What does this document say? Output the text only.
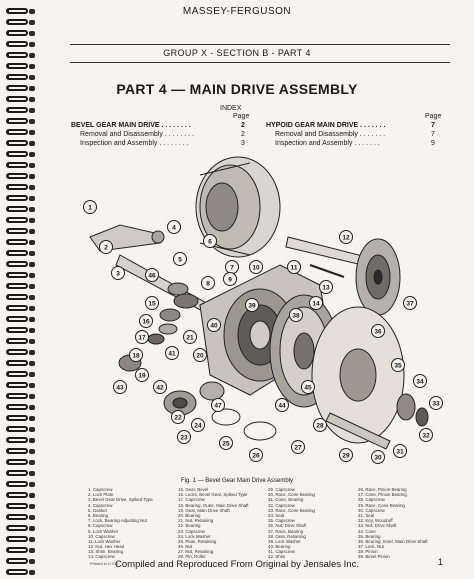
MASSEY-FERGUSON
GROUP X - SECTION B - PART 4
PART 4 — MAIN DRIVE ASSEMBLY
INDEX
Page	Page
BEVEL GEAR MAIN DRIVE . . . . . . . .	2
Removal and Disassembly . . . . . . . .	2
Inspection and Assembly . . . . . . . .	3
HYPOID GEAR MAIN DRIVE . . . . . . .	7
Removal and Disassembly . . . . . . .	7
Inspection and Assembly . . . . . . .	9
1
2
3
4
5
6
7
8
9
10	11
12
13
14
15
16
17
18
19
20
21
22
23
24
25
26
27
28
29	30
31
32
33
34
35
36
37
38
39
40
41
42
43
44
45
46
47
Fig. 1 — Bevel Gear Main Drive Assembly
1. Capscrew
2. Lock Plate
3. Bevel Gear Drive, Spiked Type
4. Capscrew
5. Gasket
6. Bearing
7. Lock, Bearing Adjusting Nut
8. Capscrew
9. Lock Washer
10. Capscrew
11. Lock Washer
12. Nut, Hex Head
13. Shim, Bearing
14. Capscrew
15. Gear, Bevel
16. Locks, Bevel Gear, Spiked Type
17. Capscrew
18. Bearing, Outer, Main Drive Shaft
19. Gear, Main Drive Shaft
20. Bearing
21. Nut, Retaining
22. Bearing
23. Capscrew
24. Lock Washer
25. Plate, Retaining
26. Nut
27. Nut, Retaining
28. Pin, Roller
29. Capscrew
30. Race, Cone Bearing
31. Cone, Bearing
32. Capscrew
33. Race, Cone Bearing
34. Seal
35. Capscrew
36. Nut, Drive Shaft
37. Race, Bearing
38. Gear, Retaining
39. Lock Washer
40. Bearing
41. Capscrew
42. Shim
26. Race, Pinion Bearing
27. Cone, Pinion Bearing
28. Capscrew
29. Race, Cone Bearing
30. Capscrew
31. Seal
32. Key, Woodruff
33. Nut, Drive Shaft
34. Cone
35. Bearing
36. Bearing, Inner, Main Drive Shaft
37. Lock, Nut
38. Pinion
39. Bevel Pinion
Printed in U.S.A.
Compiled and Reproduced From Original by Jensales Inc.	1
